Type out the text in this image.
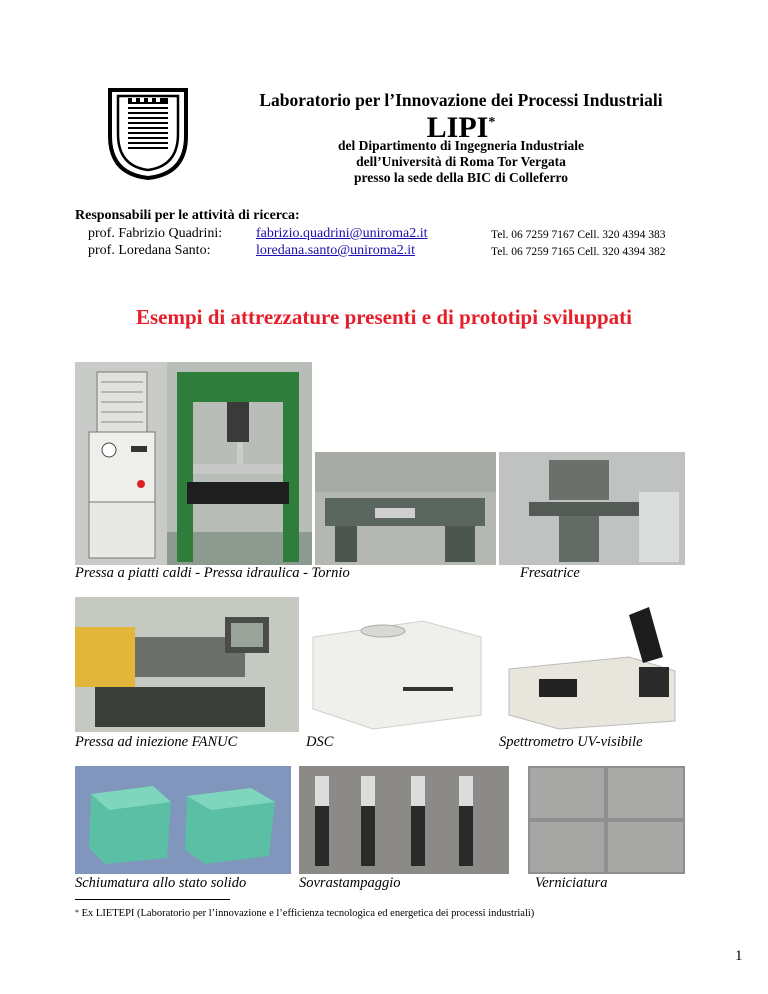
Laboratorio per l’Innovazione dei Processi Industriali
LIPI*
del Dipartimento di Ingegneria Industriale
dell’Università di Roma Tor Vergata
presso la sede della BIC di Colleferro
Responsabili per le attività di ricerca:
prof. Fabrizio Quadrini: fabrizio.quadrini@uniroma2.it	Tel. 06 7259 7167 Cell. 320 4394 383
prof. Loredana Santo:	loredana.santo@uniroma2.it	Tel. 06 7259 7165 Cell. 320 4394 382
Esempi di attrezzature presenti e di prototipi sviluppati
Pressa a piatti caldi - Pressa idraulica - Tornio	Fresatrice
Pressa ad iniezione FANUC	DSC	Spettrometro UV-visibile
Schiumatura allo stato solido	Sovrastampaggio	Verniciatura
* Ex LIETEPI (Laboratorio per l’innovazione e l’efficienza tecnologica ed energetica dei processi industriali)
1
